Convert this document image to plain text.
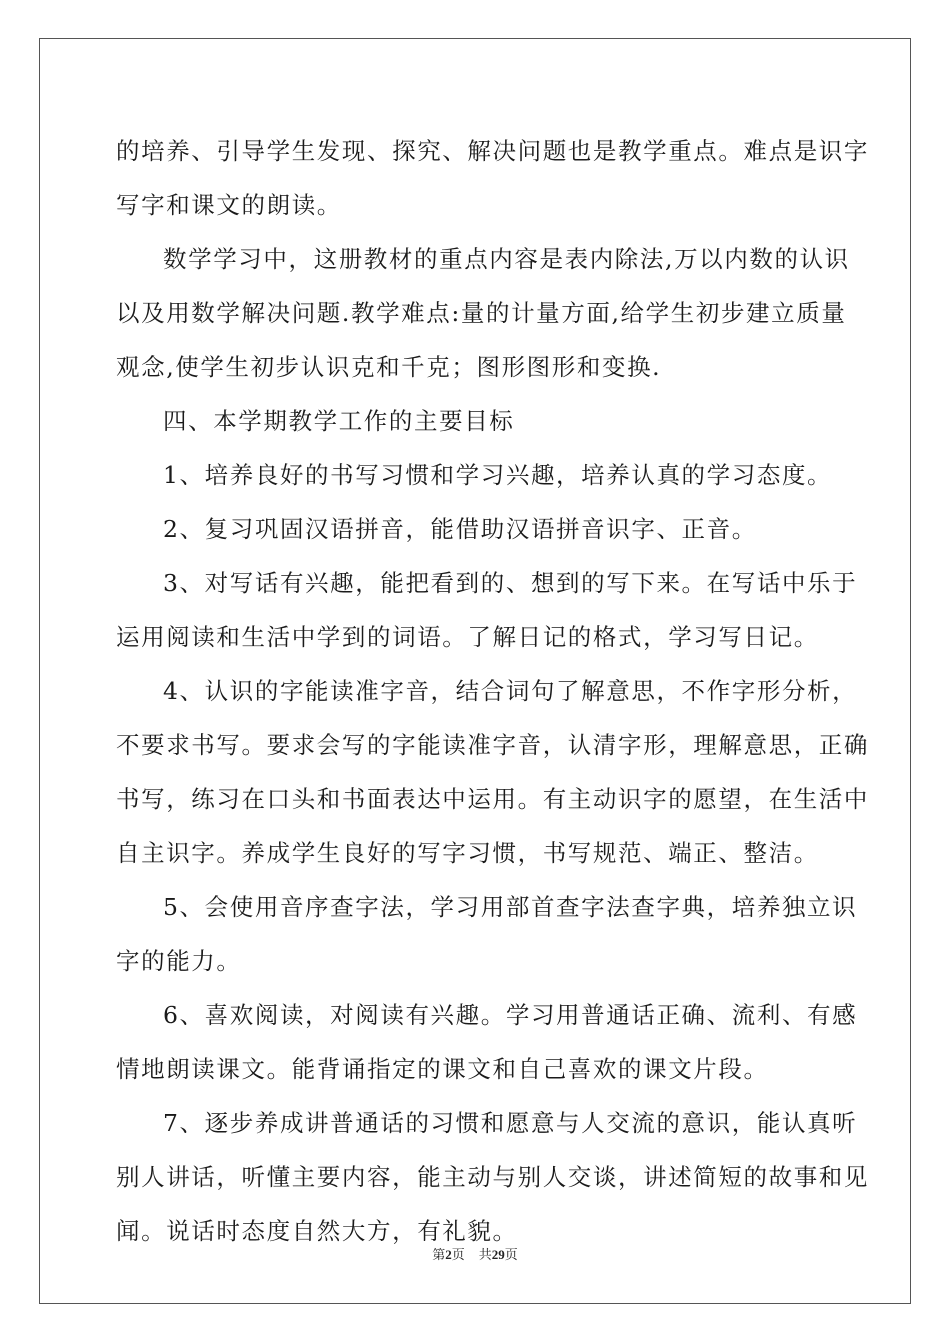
的培养、引导学生发现、探究、解决问题也是教学重点。难点是识字
写字和课文的朗读。
数学学习中，这册教材的重点内容是表内除法,万以内数的认识
以及用数学解决问题.教学难点:量的计量方面,给学生初步建立质量
观念,使学生初步认识克和千克；图形图形和变换.
四、本学期教学工作的主要目标
1、培养良好的书写习惯和学习兴趣，培养认真的学习态度。
2、复习巩固汉语拼音，能借助汉语拼音识字、正音。
3、对写话有兴趣，能把看到的、想到的写下来。在写话中乐于
运用阅读和生活中学到的词语。了解日记的格式，学习写日记。
4、认识的字能读准字音，结合词句了解意思，不作字形分析，
不要求书写。要求会写的字能读准字音，认清字形，理解意思，正确
书写，练习在口头和书面表达中运用。有主动识字的愿望，在生活中
自主识字。养成学生良好的写字习惯，书写规范、端正、整洁。
5、会使用音序查字法，学习用部首查字法查字典，培养独立识
字的能力。
6、喜欢阅读，对阅读有兴趣。学习用普通话正确、流利、有感
情地朗读课文。能背诵指定的课文和自己喜欢的课文片段。
7、逐步养成讲普通话的习惯和愿意与人交流的意识，能认真听
别人讲话，听懂主要内容，能主动与别人交谈，讲述简短的故事和见
闻。说话时态度自然大方，有礼貌。
第2页 共29页
